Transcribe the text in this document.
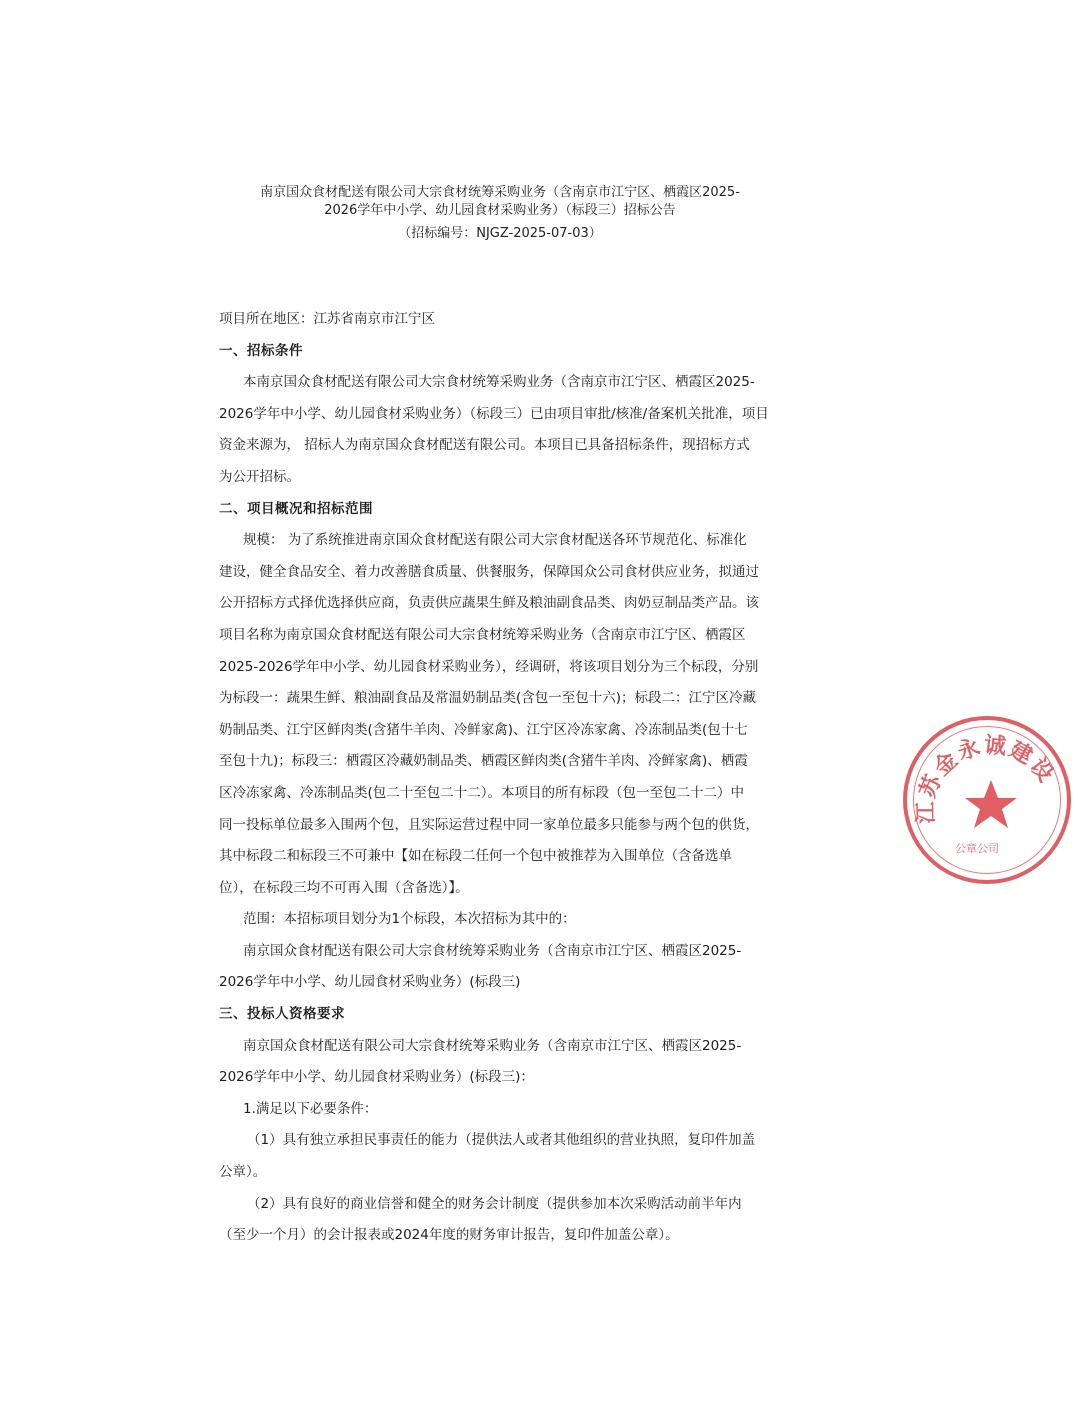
南京国众食材配送有限公司大宗食材统筹采购业务（含南京市江宁区、栖霞区2025-
2026学年中小学、幼儿园食材采购业务）（标段三）招标公告
（招标编号：NJGZ-2025-07-03）
项目所在地区：江苏省南京市江宁区
一、招标条件
本南京国众食材配送有限公司大宗食材统筹采购业务（含南京市江宁区、栖霞区2025-
2026学年中小学、幼儿园食材采购业务）（标段三）已由项目审批/核准/备案机关批准，项目
资金来源为， 招标人为南京国众食材配送有限公司。本项目已具备招标条件，现招标方式
为公开招标。
二、项目概况和招标范围
规模： 为了系统推进南京国众食材配送有限公司大宗食材配送各环节规范化、标准化
建设，健全食品安全、着力改善膳食质量、供餐服务，保障国众公司食材供应业务，拟通过
公开招标方式择优选择供应商，负责供应蔬果生鲜及粮油副食品类、肉奶豆制品类产品。该
项目名称为南京国众食材配送有限公司大宗食材统筹采购业务（含南京市江宁区、栖霞区
2025-2026学年中小学、幼儿园食材采购业务），经调研，将该项目划分为三个标段，分别
为标段一：蔬果生鲜、粮油副食品及常温奶制品类(含包一至包十六)；标段二：江宁区冷藏
奶制品类、江宁区鲜肉类(含猪牛羊肉、冷鲜家禽)、江宁区冷冻家禽、冷冻制品类(包十七
至包十九)；标段三：栖霞区冷藏奶制品类、栖霞区鲜肉类(含猪牛羊肉、冷鲜家禽)、栖霞
区冷冻家禽、冷冻制品类(包二十至包二十二）。本项目的所有标段（包一至包二十二）中
同一投标单位最多入围两个包，且实际运营过程中同一家单位最多只能参与两个包的供货，
其中标段二和标段三不可兼中【如在标段二任何一个包中被推荐为入围单位（含备选单
位），在标段三均不可再入围（含备选）】。
范围：本招标项目划分为1个标段，本次招标为其中的：
南京国众食材配送有限公司大宗食材统筹采购业务（含南京市江宁区、栖霞区2025-
2026学年中小学、幼儿园食材采购业务）(标段三)
三、投标人资格要求
南京国众食材配送有限公司大宗食材统筹采购业务（含南京市江宁区、栖霞区2025-
2026学年中小学、幼儿园食材采购业务）(标段三)：
1.满足以下必要条件：
（1）具有独立承担民事责任的能力（提供法人或者其他组织的营业执照，复印件加盖
公章）。
（2）具有良好的商业信誉和健全的财务会计制度（提供参加本次采购活动前半年内
（至少一个月）的会计报表或2024年度的财务审计报告，复印件加盖公章）。
江苏金永诚建设
公章公司
